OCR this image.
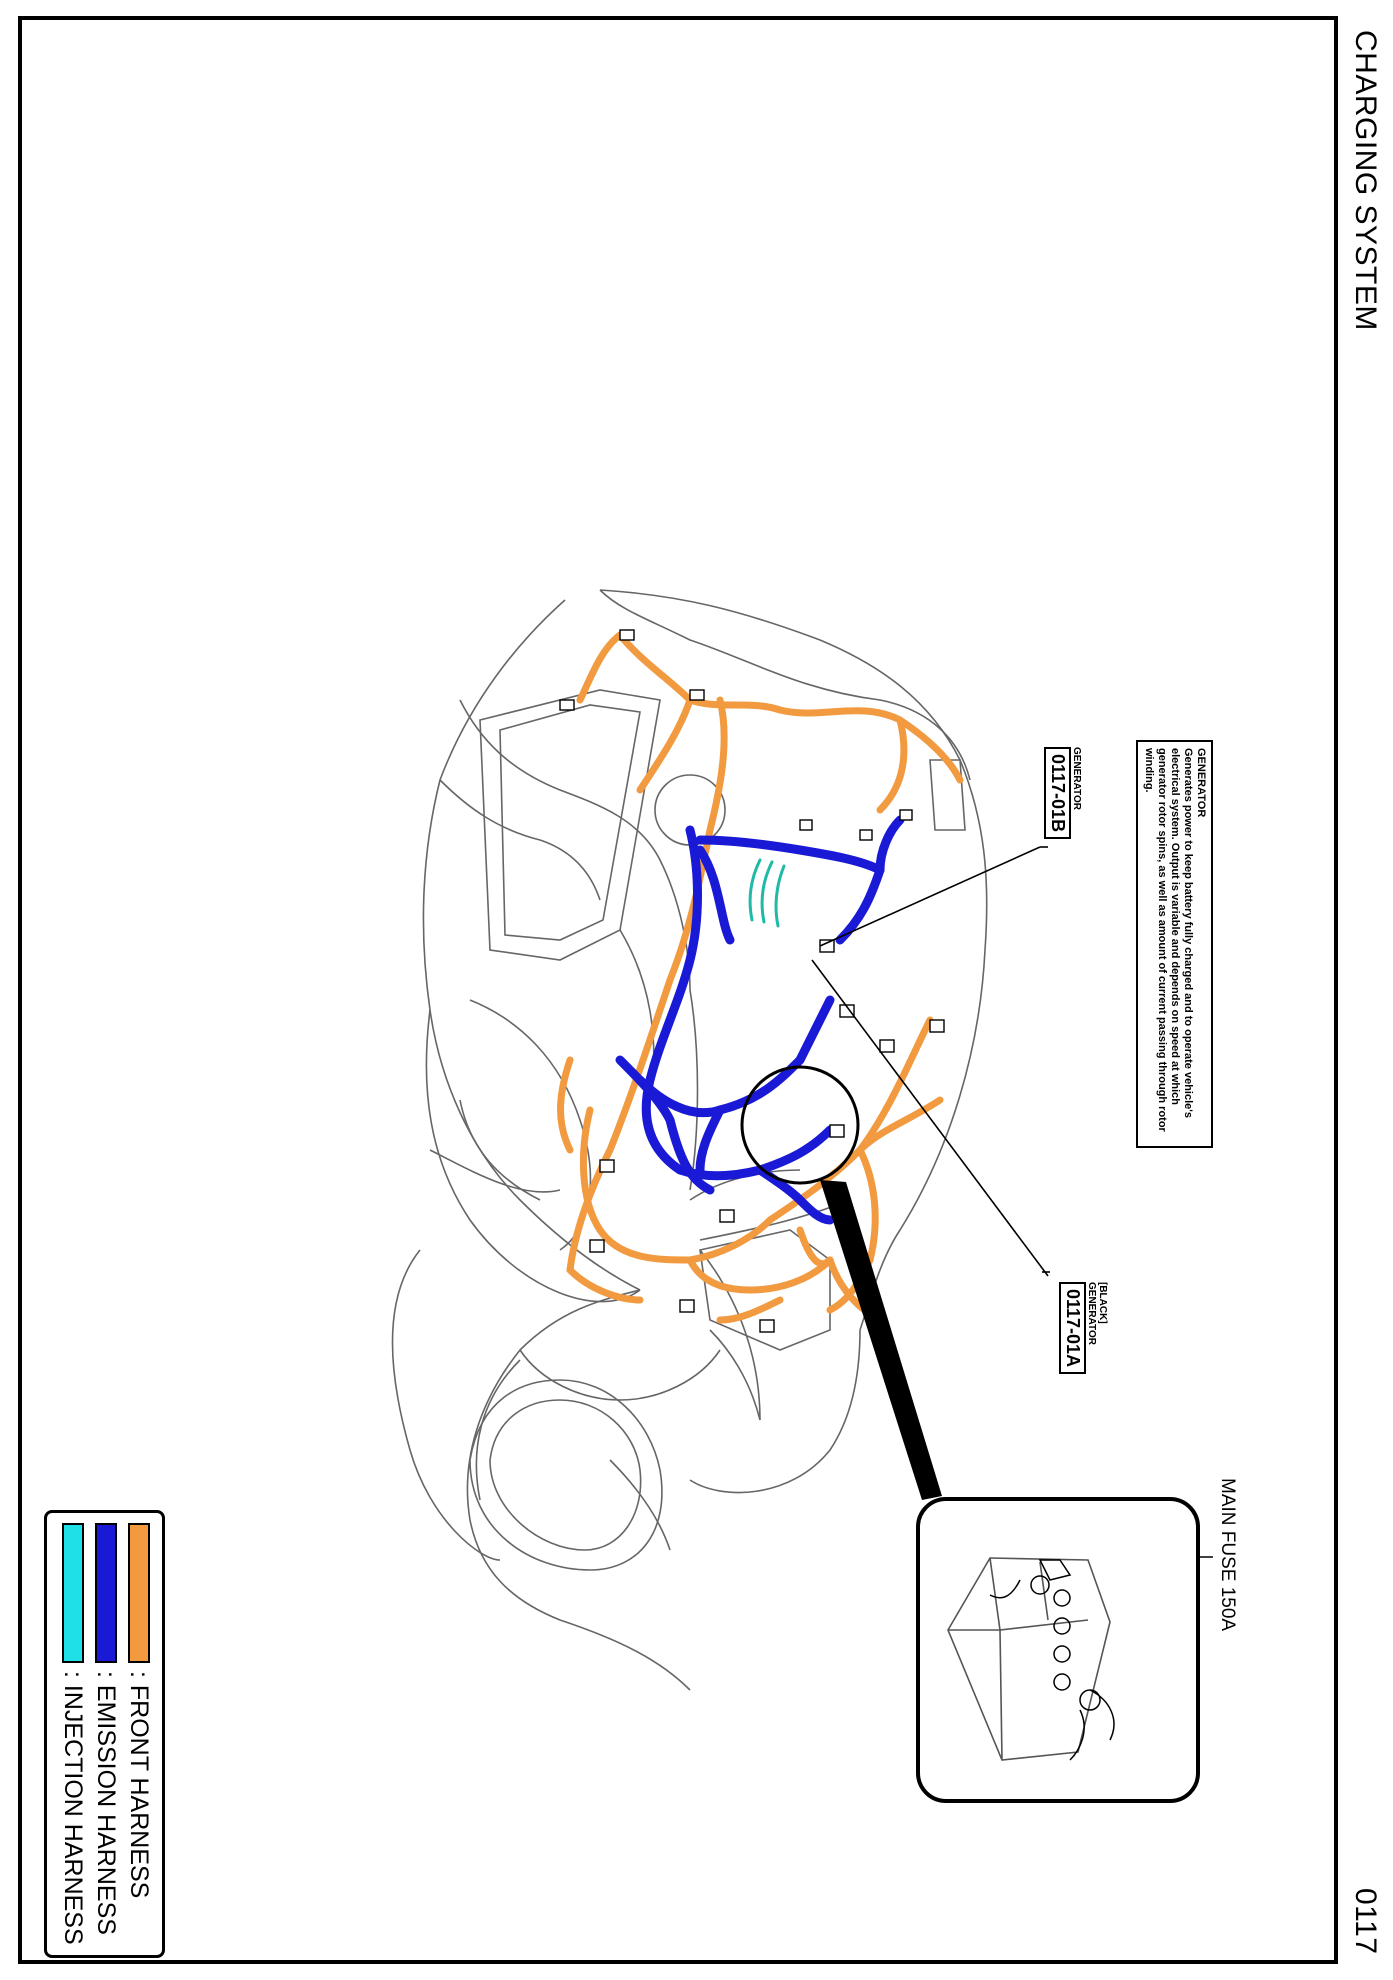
CHARGING SYSTEM
0117
GENERATOR
Generates power to keep battery fully charged and to operate vehicle's electrical system. Output is variable and depends on speed at which generator rotor spins, as well as amount of current passing through rotor winding.
GENERATOR
0117-01B
[BLACK]
GENERATOR
0117-01A
MAIN FUSE 150A
: FRONT HARNESS
: EMISSION HARNESS
: INJECTION HARNESS
